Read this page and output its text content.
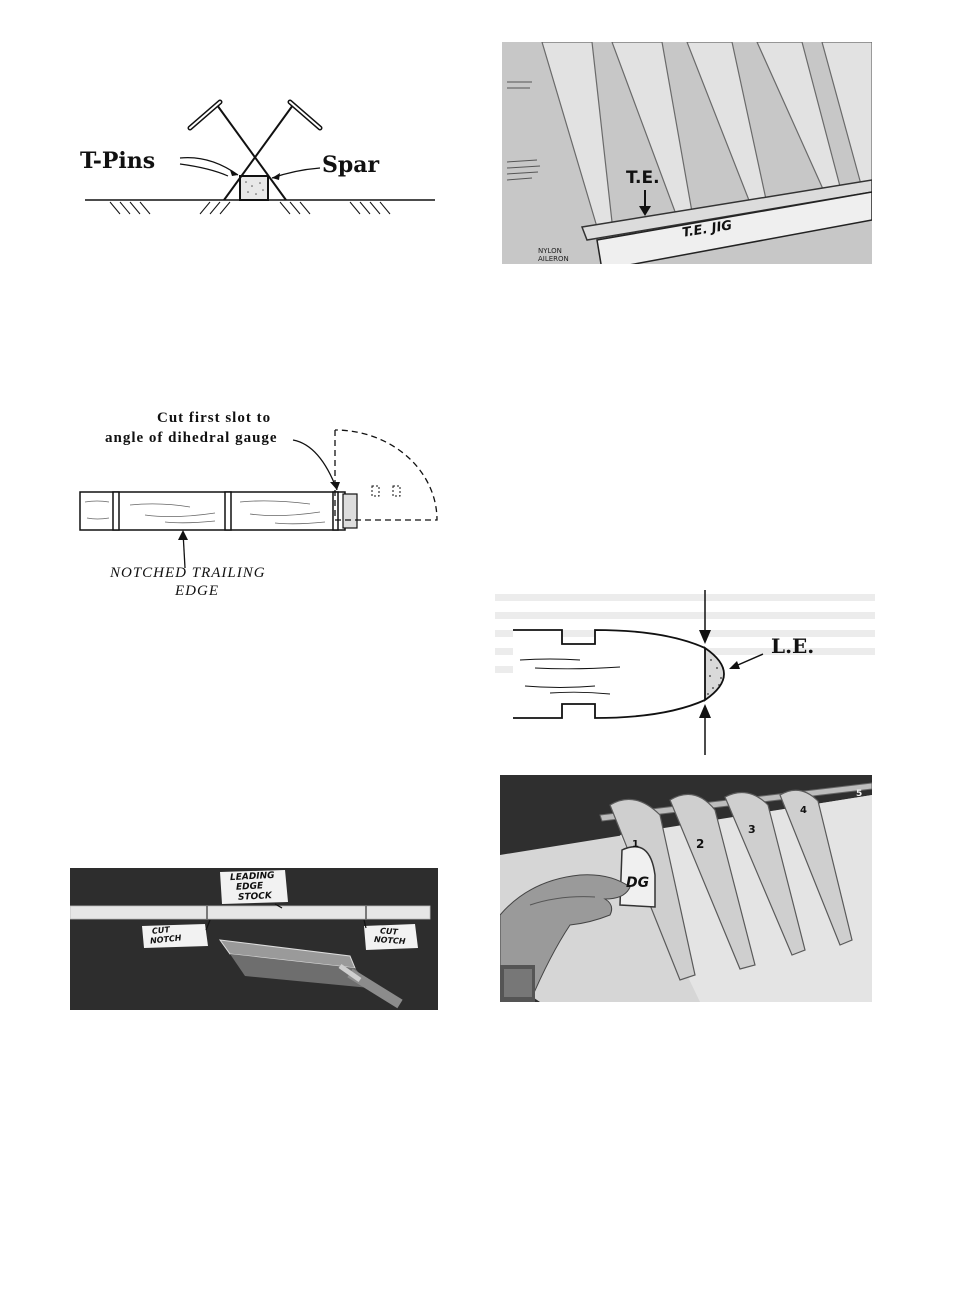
T-Pins	Spar	T.E.
T.E. JIG
NYLON AILERON
Cut first slot to
angle of dihedral gauge
NOTCHED TRAILING
EDGE
L.E.
LEADING
EDGE
STOCK
CUT
NOTCH
CUT
NOTCH
DG
1	2
3
4
5
